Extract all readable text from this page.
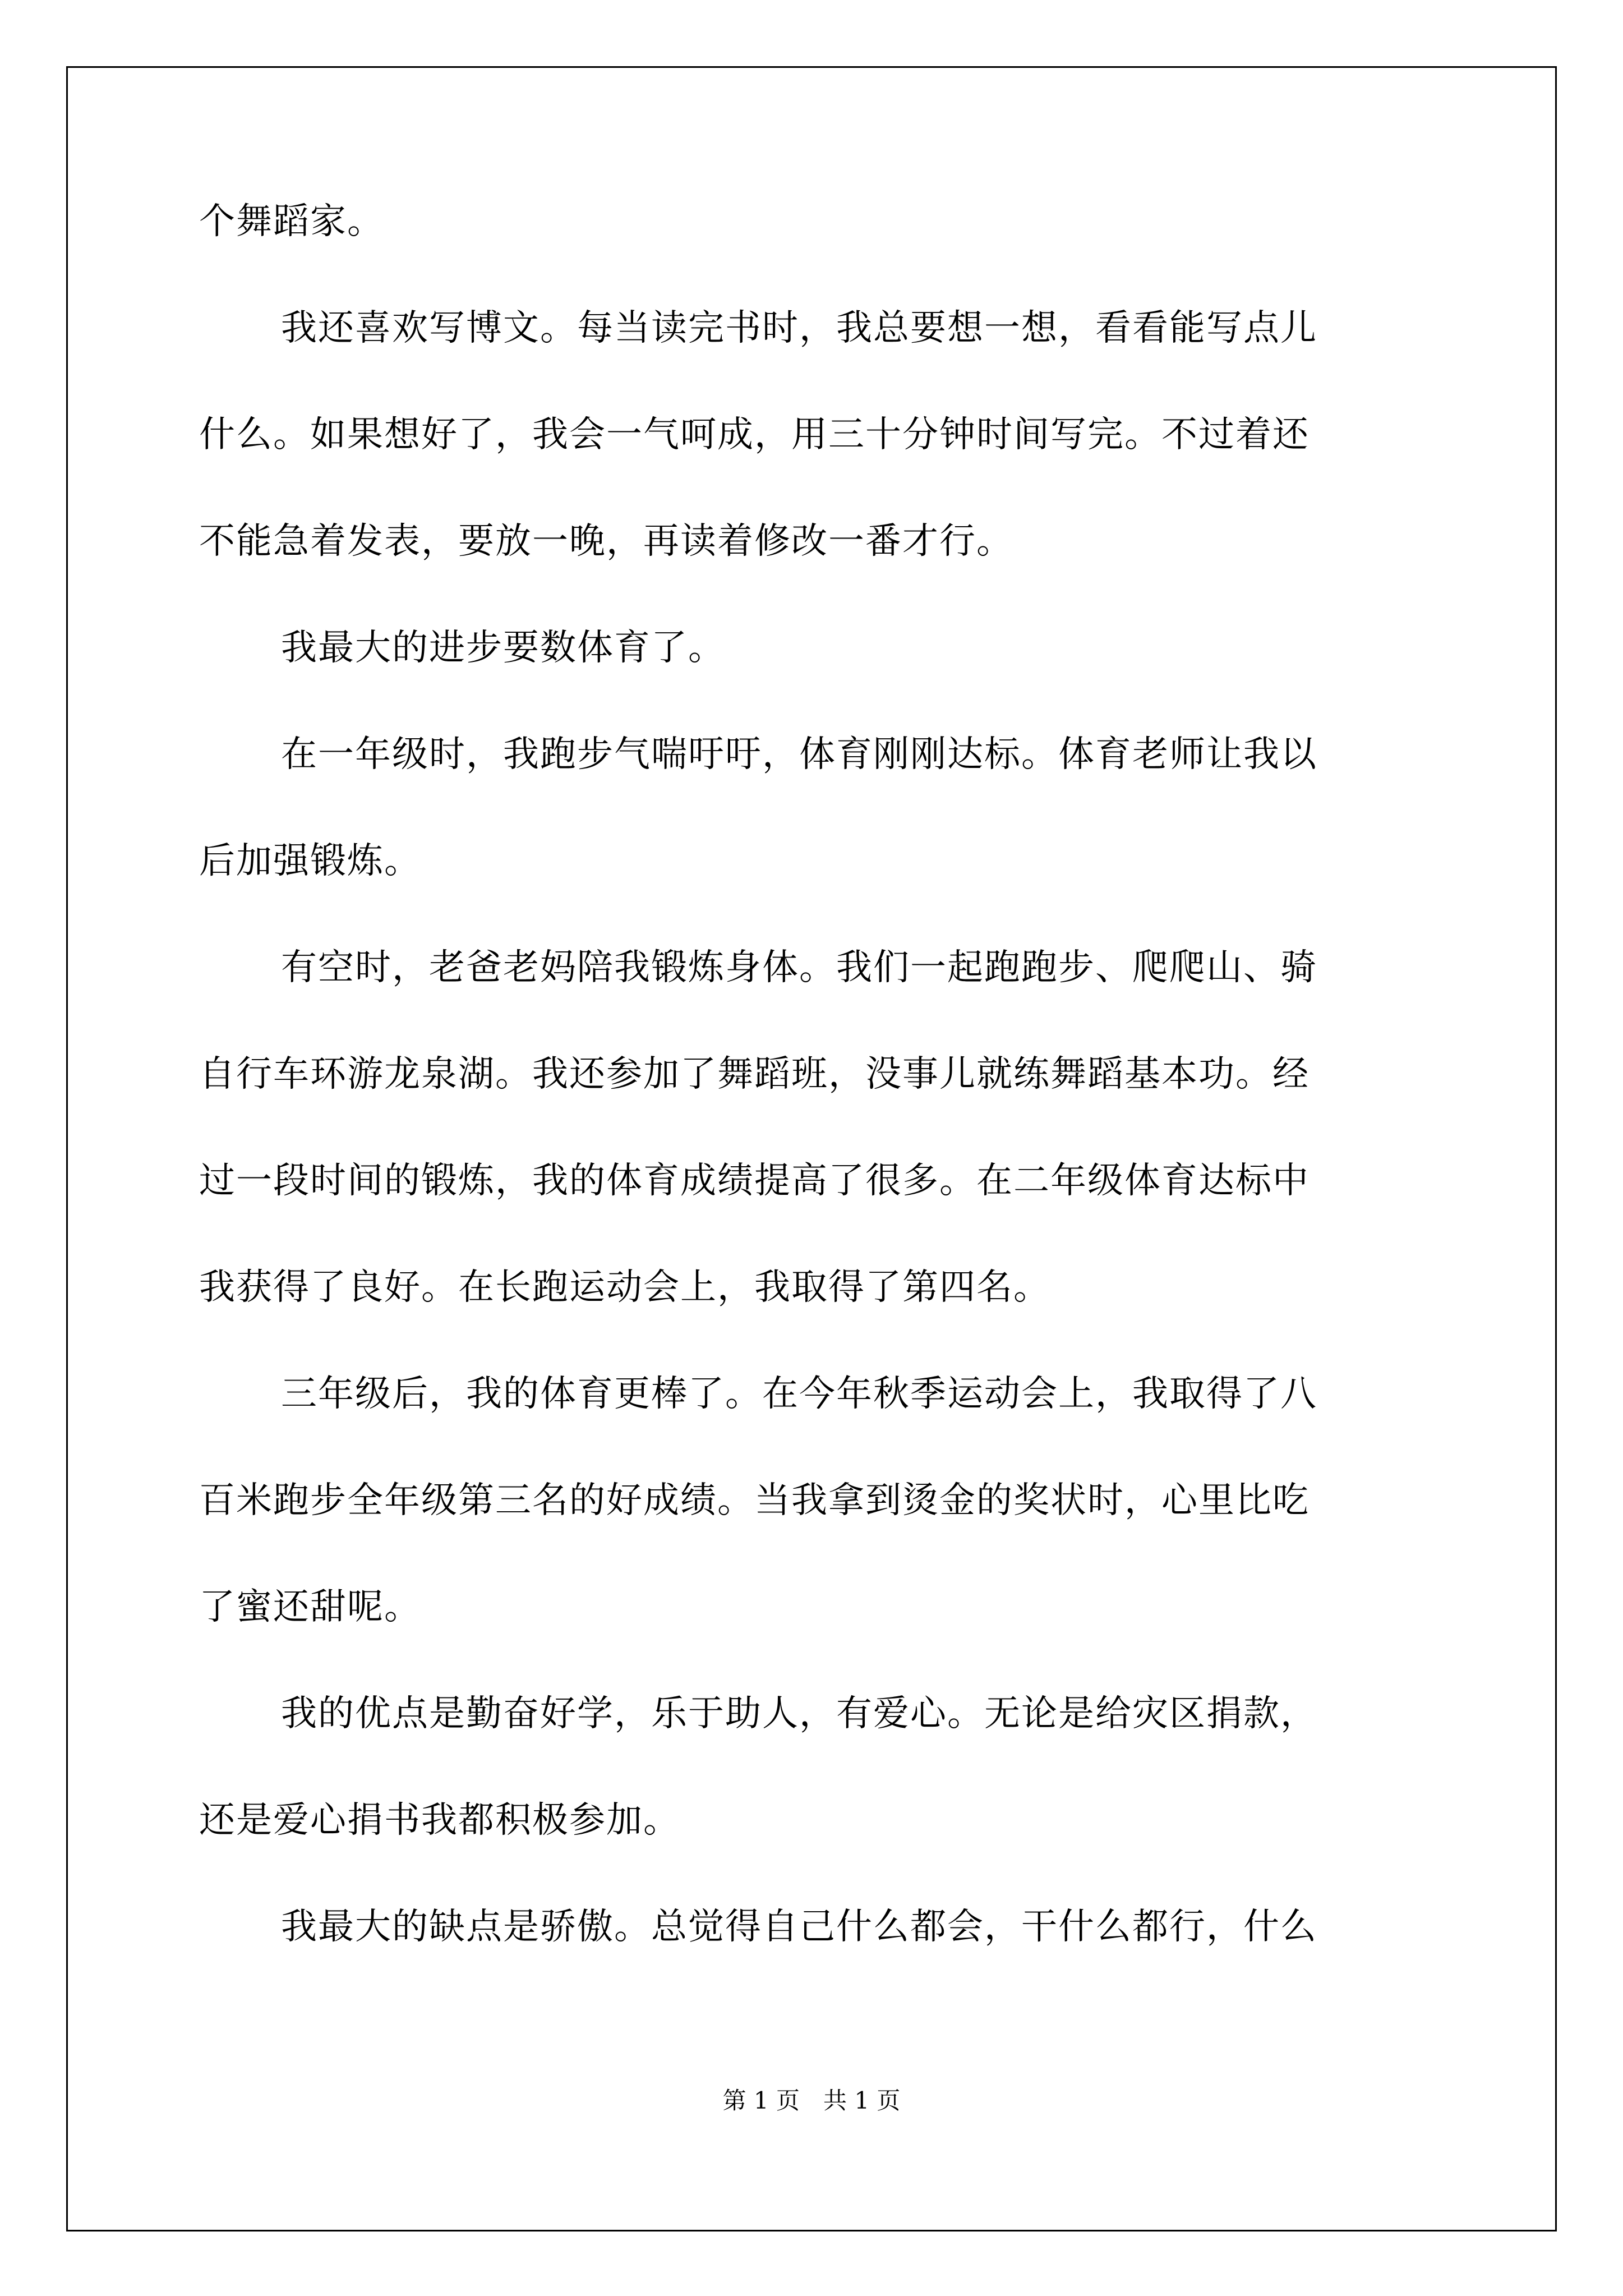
个舞蹈家。
我还喜欢写博文。每当读完书时，我总要想一想，看看能写点儿
什么。如果想好了，我会一气呵成，用三十分钟时间写完。不过着还
不能急着发表，要放一晚，再读着修改一番才行。
我最大的进步要数体育了。
在一年级时，我跑步气喘吁吁，体育刚刚达标。体育老师让我以
后加强锻炼。
有空时，老爸老妈陪我锻炼身体。我们一起跑跑步、爬爬山、骑
自行车环游龙泉湖。我还参加了舞蹈班，没事儿就练舞蹈基本功。经
过一段时间的锻炼，我的体育成绩提高了很多。在二年级体育达标中
我获得了良好。在长跑运动会上，我取得了第四名。
三年级后，我的体育更棒了。在今年秋季运动会上，我取得了八
百米跑步全年级第三名的好成绩。当我拿到烫金的奖状时，心里比吃
了蜜还甜呢。
我的优点是勤奋好学，乐于助人，有爱心。无论是给灾区捐款，
还是爱心捐书我都积极参加。
我最大的缺点是骄傲。总觉得自己什么都会，干什么都行，什么
第 1 页　共 1 页
